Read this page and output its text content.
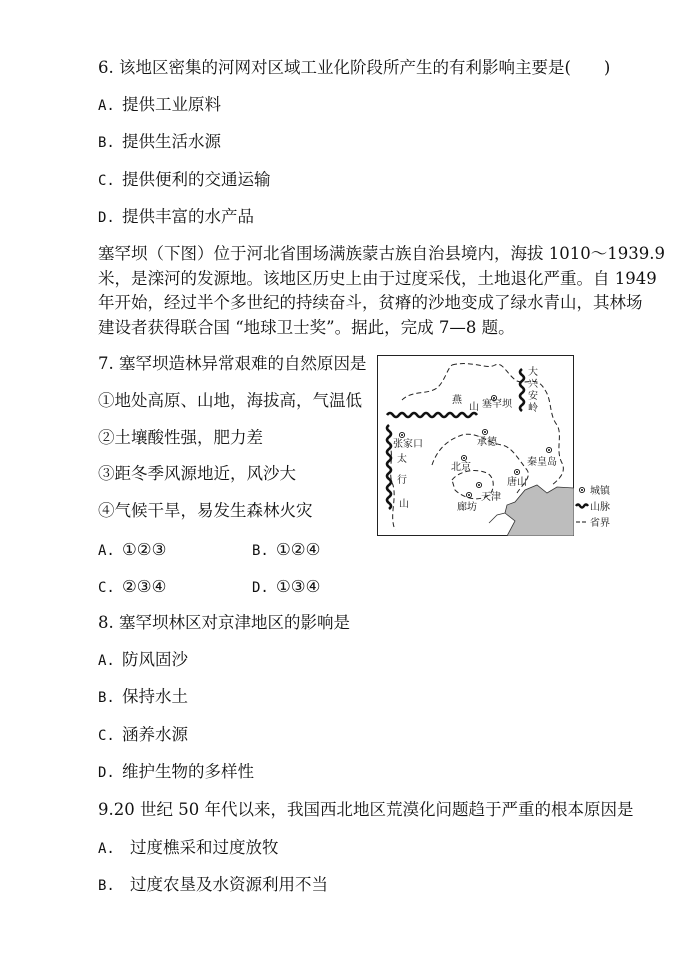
6. 该地区密集的河网对区域工业化阶段所产生的有利影响主要是(　　)
A. 提供工业原料
B. 提供生活水源
C. 提供便利的交通运输
D. 提供丰富的水产品
塞罕坝（下图）位于河北省围场满族蒙古族自治县境内，海拔 1010～1939.9
米，是滦河的发源地。该地区历史上由于过度采伐，土地退化严重。自 1949
年开始，经过半个多世纪的持续奋斗，贫瘠的沙地变成了绿水青山，其林场
建设者获得联合国 “地球卫士奖”。据此，完成 7—8 题。
7. 塞罕坝造林异常艰难的自然原因是
①地处高原、山地，海拔高，气温低
②土壤酸性强，肥力差
③距冬季风源地近，风沙大
④气候干旱，易发生森林火灾
A. ①②③	B. ①②④
C. ②③④	D. ①③④
燕
山 塞罕坝
承德
张家口
北京
唐山
秦皇岛
天津
廊坊
太
行
山
大
兴
安
岭
城镇
山脉
省界
8. 塞罕坝林区对京津地区的影响是
A. 防风固沙
B. 保持水土
C. 涵养水源
D. 维护生物的多样性
9.20 世纪 50 年代以来，我国西北地区荒漠化问题趋于严重的根本原因是
A. 过度樵采和过度放牧
B. 过度农垦及水资源利用不当
